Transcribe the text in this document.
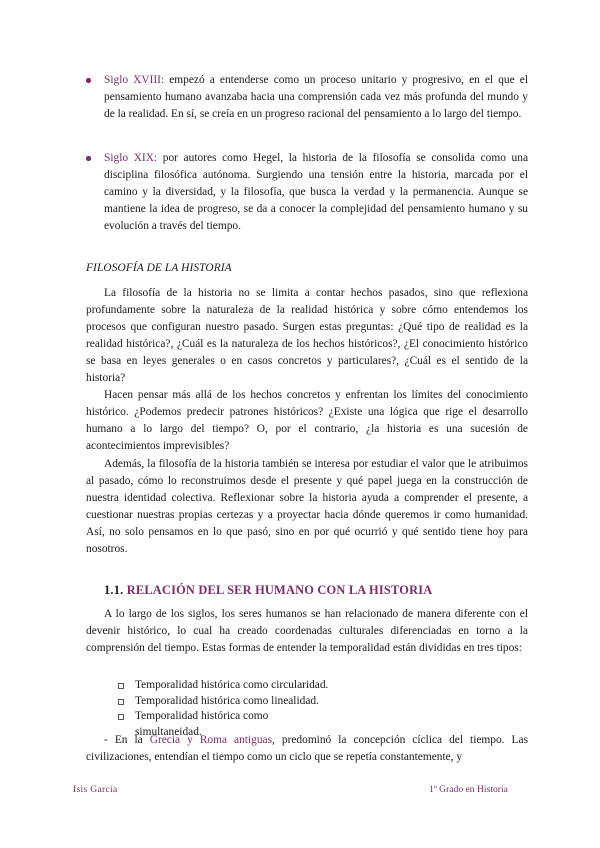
Siglo XVIII: empezó a entenderse como un proceso unitario y progresivo, en el que el pensamiento humano avanzaba hacia una comprensión cada vez más profunda del mundo y de la realidad. En sí, se creía en un progreso racional del pensamiento a lo largo del tiempo.
Siglo XIX: por autores como Hegel, la historia de la filosofía se consolida como una disciplina filosófica autónoma. Surgiendo una tensión entre la historia, marcada por el camino y la diversidad, y la filosofía, que busca la verdad y la permanencia. Aunque se mantiene la idea de progreso, se da a conocer la complejidad del pensamiento humano y su evolución a través del tiempo.

FILOSOFÍA DE LA HISTORIA

La filosofía de la historia no se limita a contar hechos pasados, sino que reflexiona profundamente sobre la naturaleza de la realidad histórica y sobre cómo entendemos los procesos que configuran nuestro pasado. Surgen estas preguntas: ¿Qué tipo de realidad es la realidad histórica?, ¿Cuál es la naturaleza de los hechos históricos?, ¿El conocimiento histórico se basa en leyes generales o en casos concretos y particulares?, ¿Cuál es el sentido de la historia?

Hacen pensar más allá de los hechos concretos y enfrentan los límites del conocimiento histórico. ¿Podemos predecir patrones históricos? ¿Existe una lógica que rige el desarrollo humano a lo largo del tiempo? O, por el contrario, ¿la historia es una sucesión de acontecimientos imprevisibles?

Además, la filosofía de la historia también se interesa por estudiar el valor que le atribuimos al pasado, cómo lo reconstruimos desde el presente y qué papel juega en la construcción de nuestra identidad colectiva. Reflexionar sobre la historia ayuda a comprender el presente, a cuestionar nuestras propias certezas y a proyectar hacia dónde queremos ir como humanidad. Así, no solo pensamos en lo que pasó, sino en por qué ocurrió y qué sentido tiene hoy para nosotros.

1.1. RELACIÓN DEL SER HUMANO CON LA HISTORIA

A lo largo de los siglos, los seres humanos se han relacionado de manera diferente con el devenir histórico, lo cual ha creado coordenadas culturales diferenciadas en torno a la comprensión del tiempo. Estas formas de entender la temporalidad están divididas en tres tipos:

Temporalidad histórica como circularidad.
Temporalidad histórica como linealidad.
Temporalidad histórica como simultaneidad.

- En la Grecia y Roma antiguas, predominó la concepción cíclica del tiempo. Las civilizaciones, entendían el tiempo como un ciclo que se repetía constantemente, y

Isis García	1º Grado en Historia
